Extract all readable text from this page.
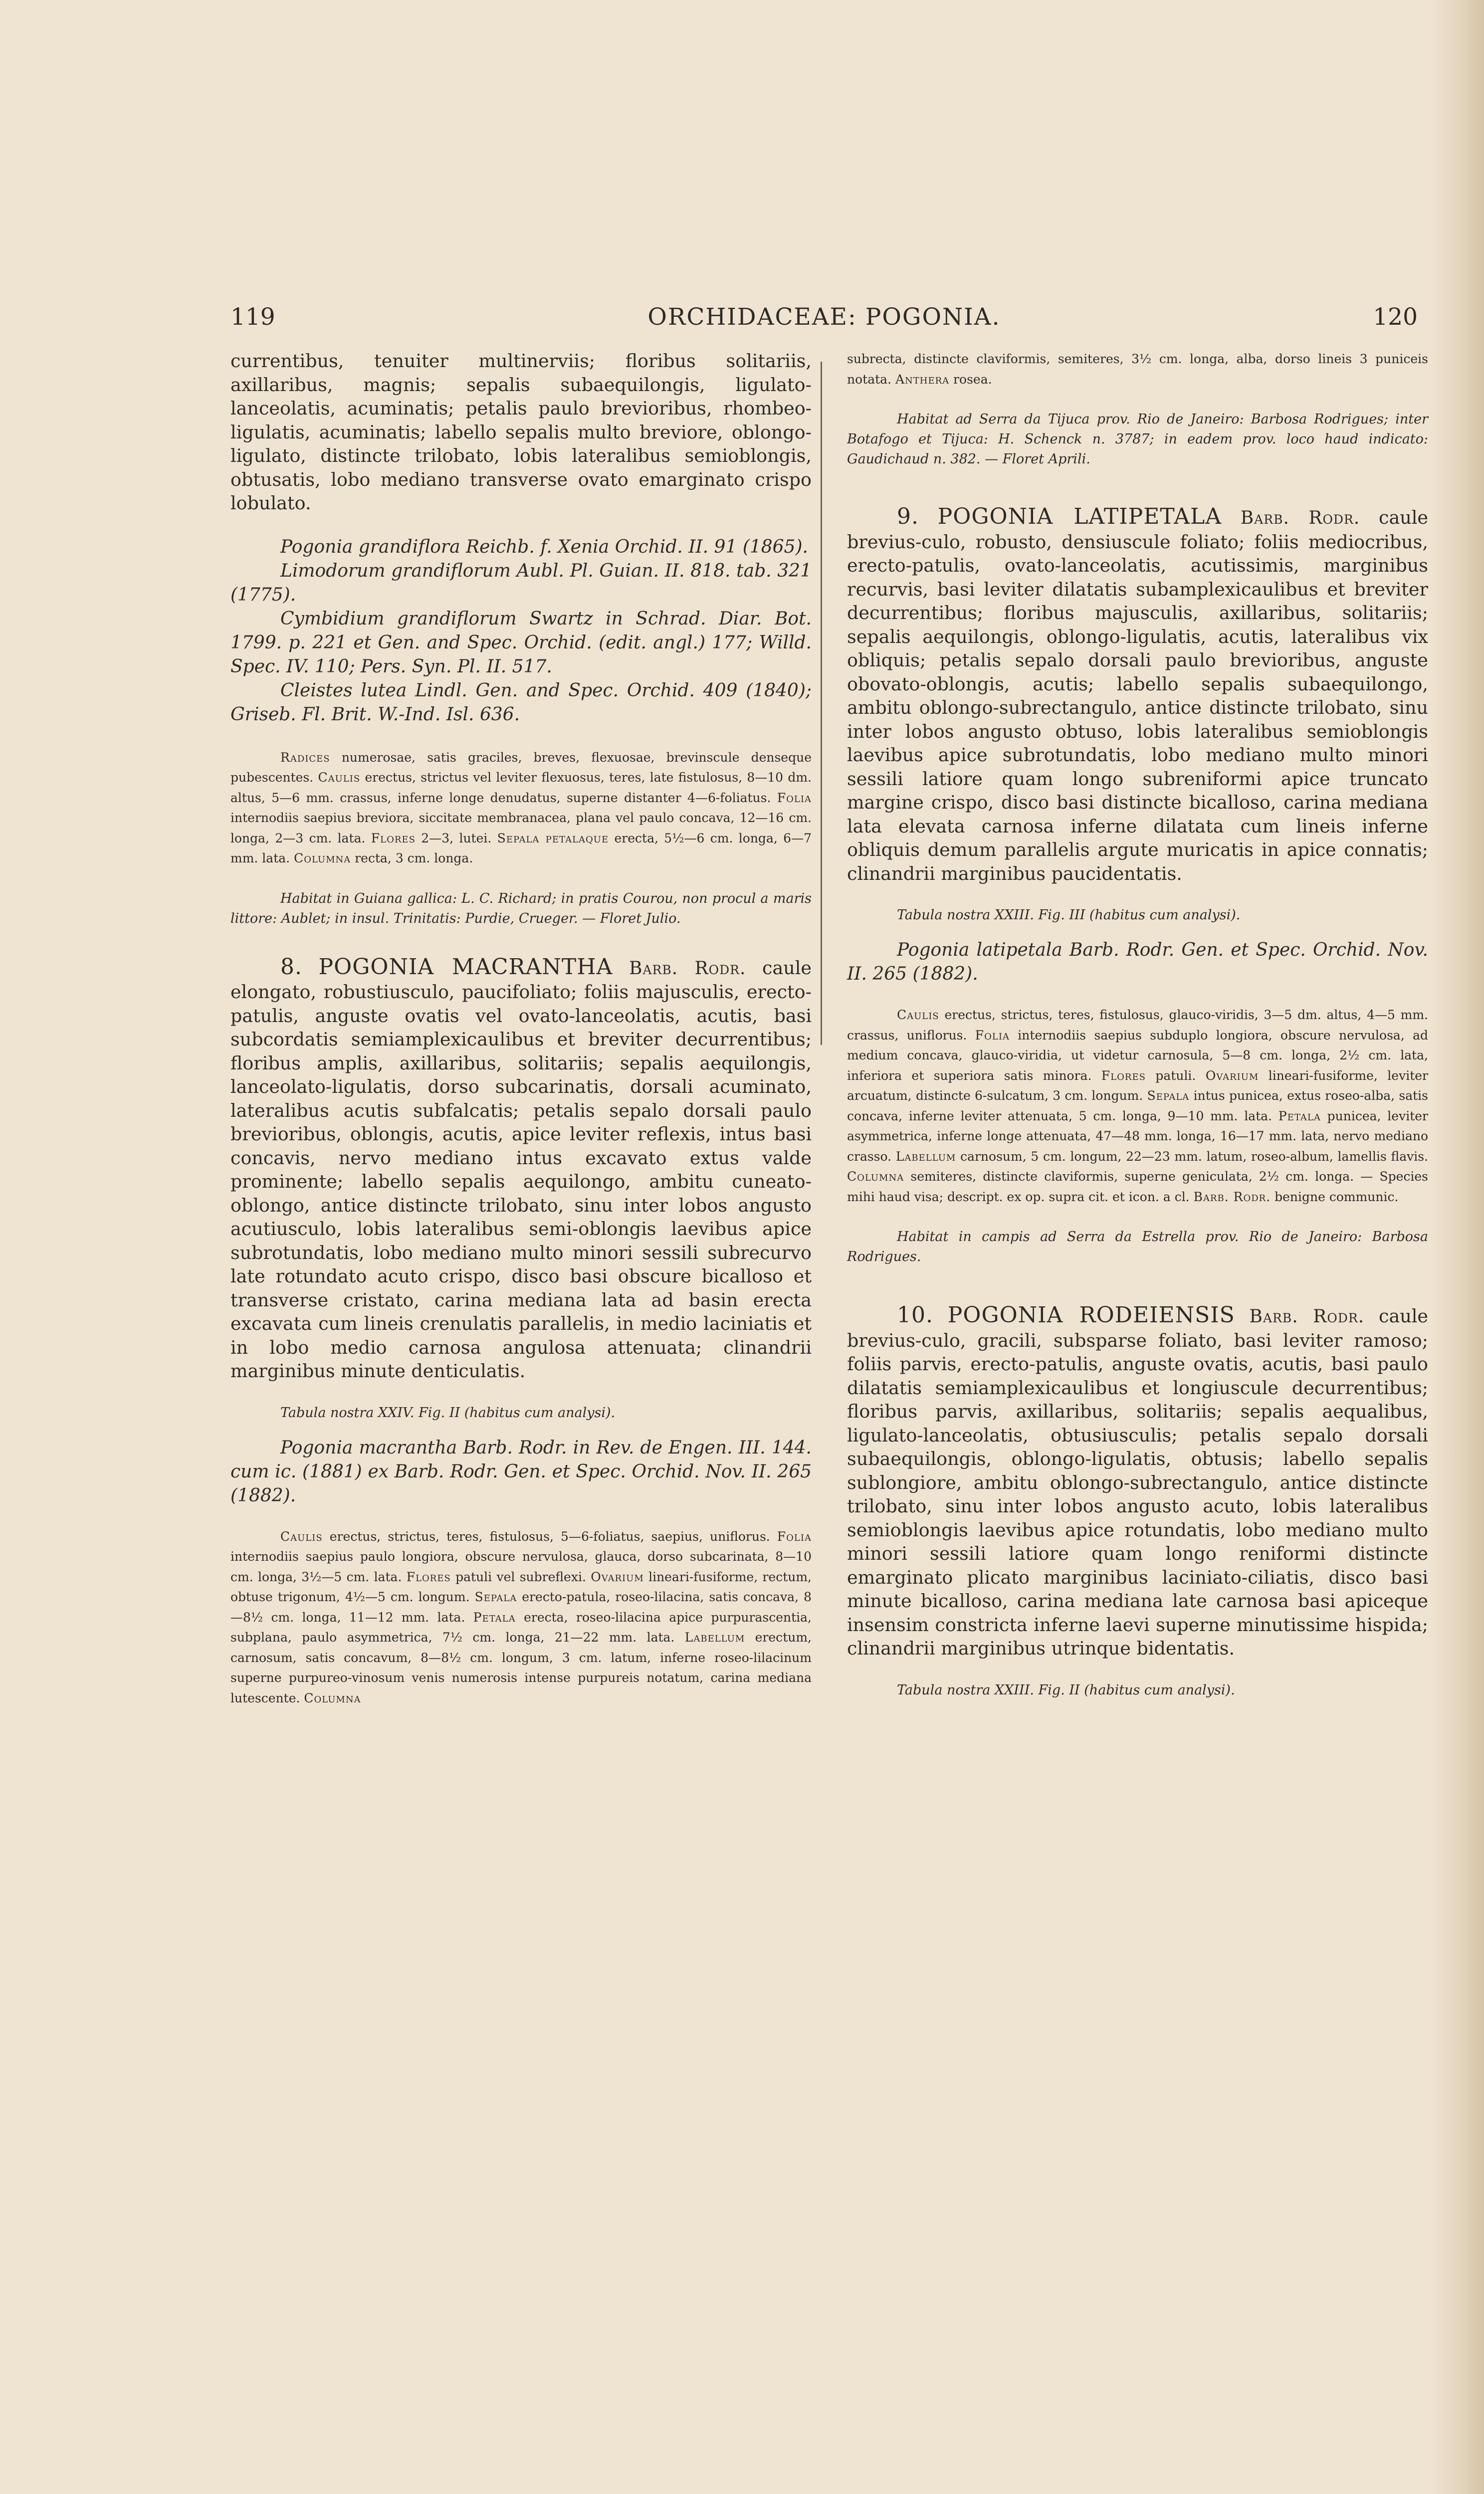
119	ORCHIDACEAE: POGONIA.	120

currentibus, tenuiter multinerviis; floribus solitariis, axillaribus, magnis; sepalis subaequilongis, ligulato-lanceolatis, acuminatis; petalis paulo brevioribus, rhombeo-ligulatis, acuminatis; labello sepalis multo breviore, oblongo-ligulato, distincte trilobato, lobis lateralibus semioblongis, obtusatis, lobo mediano transverse ovato emarginato crispo lobulato.

Pogonia grandiflora Reichb. f. Xenia Orchid. II. 91 (1865).

Limodorum grandiflorum Aubl. Pl. Guian. II. 818. tab. 321 (1775).

Cymbidium grandiflorum Swartz in Schrad. Diar. Bot. 1799. p. 221 et Gen. and Spec. Orchid. (edit. angl.) 177; Willd. Spec. IV. 110; Pers. Syn. Pl. II. 517.

Cleistes lutea Lindl. Gen. and Spec. Orchid. 409 (1840); Griseb. Fl. Brit. W.-Ind. Isl. 636.

Radices numerosae, satis graciles, breves, flexuosae, brevinscule denseque pubescentes. Caulis erectus, strictus vel leviter flexuosus, teres, late fistulosus, 8—10 dm. altus, 5—6 mm. crassus, inferne longe denudatus, superne distanter 4—6-foliatus. Folia internodiis saepius breviora, siccitate membranacea, plana vel paulo concava, 12—16 cm. longa, 2—3 cm. lata. Flores 2—3, lutei. Sepala petalaque erecta, 5½—6 cm. longa, 6—7 mm. lata. Columna recta, 3 cm. longa.

Habitat in Guiana gallica: L. C. Richard; in pratis Courou, non procul a maris littore: Aublet; in insul. Trinitatis: Purdie, Crueger. — Floret Julio.

8. POGONIA MACRANTHA Barb. Rodr. caule elongato, robustiusculo, paucifoliato; foliis majusculis, erecto-patulis, anguste ovatis vel ovato-lanceolatis, acutis, basi subcordatis semiamplexicaulibus et breviter decurrentibus; floribus amplis, axillaribus, solitariis; sepalis aequilongis, lanceolato-ligulatis, dorso subcarinatis, dorsali acuminato, lateralibus acutis subfalcatis; petalis sepalo dorsali paulo brevioribus, oblongis, acutis, apice leviter reflexis, intus basi concavis, nervo mediano intus excavato extus valde prominente; labello sepalis aequilongo, ambitu cuneato-oblongo, antice distincte trilobato, sinu inter lobos angusto acutiusculo, lobis lateralibus semi-oblongis laevibus apice subrotundatis, lobo mediano multo minori sessili subrecurvo late rotundato acuto crispo, disco basi obscure bicalloso et transverse cristato, carina mediana lata ad basin erecta excavata cum lineis crenulatis parallelis, in medio laciniatis et in lobo medio carnosa angulosa attenuata; clinandrii marginibus minute denticulatis.

Tabula nostra XXIV. Fig. II (habitus cum analysi).

Pogonia macrantha Barb. Rodr. in Rev. de Engen. III. 144. cum ic. (1881) ex Barb. Rodr. Gen. et Spec. Orchid. Nov. II. 265 (1882).

Caulis erectus, strictus, teres, fistulosus, 5—6-foliatus, saepius, uniflorus. Folia internodiis saepius paulo longiora, obscure nervulosa, glauca, dorso subcarinata, 8—10 cm. longa, 3½—5 cm. lata. Flores patuli vel subreflexi. Ovarium lineari-fusiforme, rectum, obtuse trigonum, 4½—5 cm. longum. Sepala erecto-patula, roseo-lilacina, satis concava, 8—8½ cm. longa, 11—12 mm. lata. Petala erecta, roseo-lilacina apice purpurascentia, subplana, paulo asymmetrica, 7½ cm. longa, 21—22 mm. lata. Labellum erectum, carnosum, satis concavum, 8—8½ cm. longum, 3 cm. latum, inferne roseo-lilacinum superne purpureo-vinosum venis numerosis intense purpureis notatum, carina mediana lutescente. Columna

subrecta, distincte claviformis, semiteres, 3½ cm. longa, alba, dorso lineis 3 puniceis notata. Anthera rosea.

Habitat ad Serra da Tijuca prov. Rio de Janeiro: Barbosa Rodrigues; inter Botafogo et Tijuca: H. Schenck n. 3787; in eadem prov. loco haud indicato: Gaudichaud n. 382. — Floret Aprili.

9. POGONIA LATIPETALA Barb. Rodr. caule brevius-culo, robusto, densiuscule foliato; foliis mediocribus, erecto-patulis, ovato-lanceolatis, acutissimis, marginibus recurvis, basi leviter dilatatis subamplexicaulibus et breviter decurrentibus; floribus majusculis, axillaribus, solitariis; sepalis aequilongis, oblongo-ligulatis, acutis, lateralibus vix obliquis; petalis sepalo dorsali paulo brevioribus, anguste obovato-oblongis, acutis; labello sepalis subaequilongo, ambitu oblongo-subrectangulo, antice distincte trilobato, sinu inter lobos angusto obtuso, lobis lateralibus semioblongis laevibus apice subrotundatis, lobo mediano multo minori sessili latiore quam longo subreniformi apice truncato margine crispo, disco basi distincte bicalloso, carina mediana lata elevata carnosa inferne dilatata cum lineis inferne obliquis demum parallelis argute muricatis in apice connatis; clinandrii marginibus paucidentatis.

Tabula nostra XXIII. Fig. III (habitus cum analysi).

Pogonia latipetala Barb. Rodr. Gen. et Spec. Orchid. Nov. II. 265 (1882).

Caulis erectus, strictus, teres, fistulosus, glauco-viridis, 3—5 dm. altus, 4—5 mm. crassus, uniflorus. Folia internodiis saepius subduplo longiora, obscure nervulosa, ad medium concava, glauco-viridia, ut videtur carnosula, 5—8 cm. longa, 2½ cm. lata, inferiora et superiora satis minora. Flores patuli. Ovarium lineari-fusiforme, leviter arcuatum, distincte 6-sulcatum, 3 cm. longum. Sepala intus punicea, extus roseo-alba, satis concava, inferne leviter attenuata, 5 cm. longa, 9—10 mm. lata. Petala punicea, leviter asymmetrica, inferne longe attenuata, 47—48 mm. longa, 16—17 mm. lata, nervo mediano crasso. Labellum carnosum, 5 cm. longum, 22—23 mm. latum, roseo-album, lamellis flavis. Columna semiteres, distincte claviformis, superne geniculata, 2½ cm. longa. — Species mihi haud visa; descript. ex op. supra cit. et icon. a cl. Barb. Rodr. benigne communic.

Habitat in campis ad Serra da Estrella prov. Rio de Janeiro: Barbosa Rodrigues.

10. POGONIA RODEIENSIS Barb. Rodr. caule brevius-culo, gracili, subsparse foliato, basi leviter ramoso; foliis parvis, erecto-patulis, anguste ovatis, acutis, basi paulo dilatatis semiamplexicaulibus et longiuscule decurrentibus; floribus parvis, axillaribus, solitariis; sepalis aequalibus, ligulato-lanceolatis, obtusiusculis; petalis sepalo dorsali subaequilongis, oblongo-ligulatis, obtusis; labello sepalis sublongiore, ambitu oblongo-subrectangulo, antice distincte trilobato, sinu inter lobos angusto acuto, lobis lateralibus semioblongis laevibus apice rotundatis, lobo mediano multo minori sessili latiore quam longo reniformi distincte emarginato plicato marginibus laciniato-ciliatis, disco basi minute bicalloso, carina mediana late carnosa basi apiceque insensim constricta inferne laevi superne minutissime hispida; clinandrii marginibus utrinque bidentatis.

Tabula nostra XXIII. Fig. II (habitus cum analysi).
